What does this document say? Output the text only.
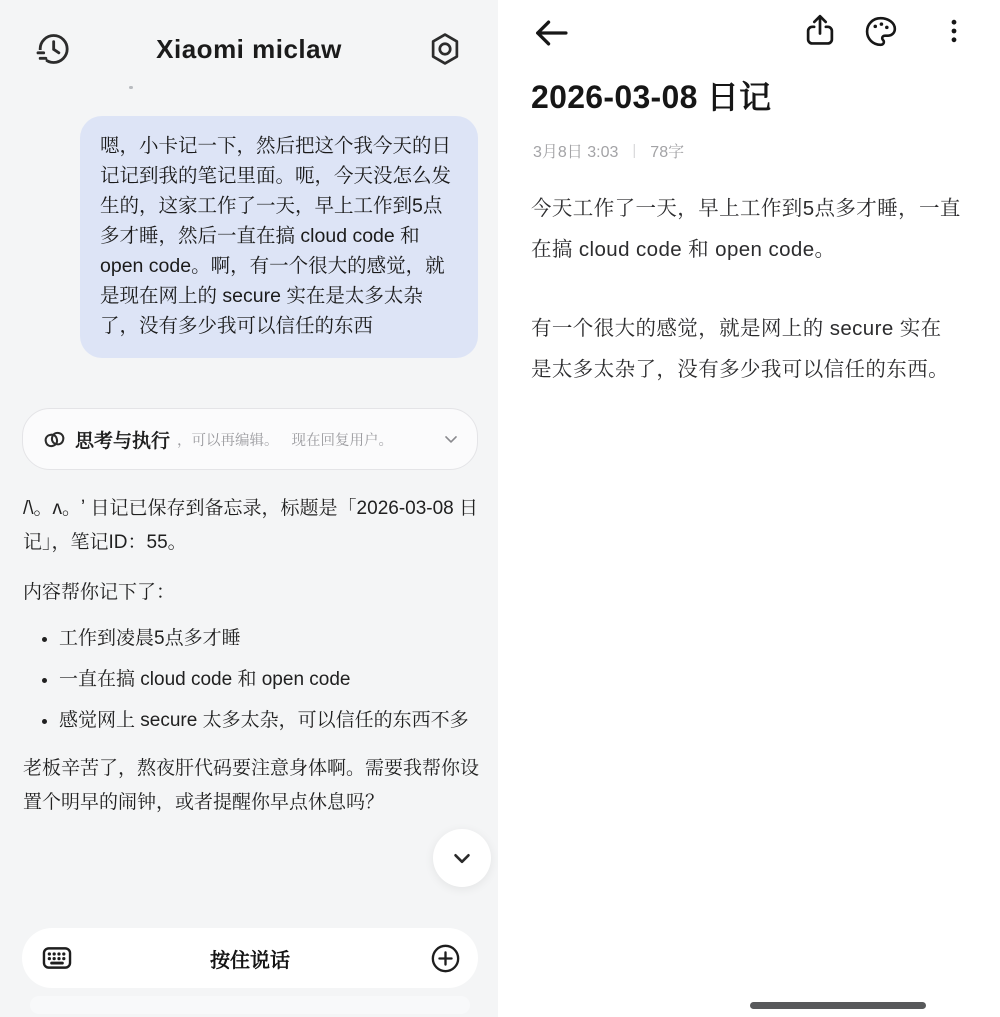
Xiaomi miclaw

嗯，小卡记一下，然后把这个我今天的日记记到我的笔记里面。呃，今天没怎么发生的，这家工作了一天，早上工作到5点多才睡，然后一直在搞 cloud code 和 open code。啊，有一个很大的感觉，就是现在网上的 secure 实在是太多太杂了，没有多少我可以信任的东西

思考与执行 ，可以再编辑。 现在回复用户。

/\。ʌ。ʼ 日记已保存到备忘录，标题是「2026-03-08 日记」，笔记ID：55。

内容帮你记下了：

• 工作到凌晨5点多才睡
• 一直在搞 cloud code 和 open code
• 感觉网上 secure 太多太杂，可以信任的东西不多

老板辛苦了，熬夜肝代码要注意身体啊。需要我帮你设置个明早的闹钟，或者提醒你早点休息吗？

按住说话
2026-03-08 日记
3月8日 3:03 | 78字

今天工作了一天，早上工作到5点多才睡，一直在搞 cloud code 和 open code。

有一个很大的感觉，就是网上的 secure 实在是太多太杂了，没有多少我可以信任的东西。
